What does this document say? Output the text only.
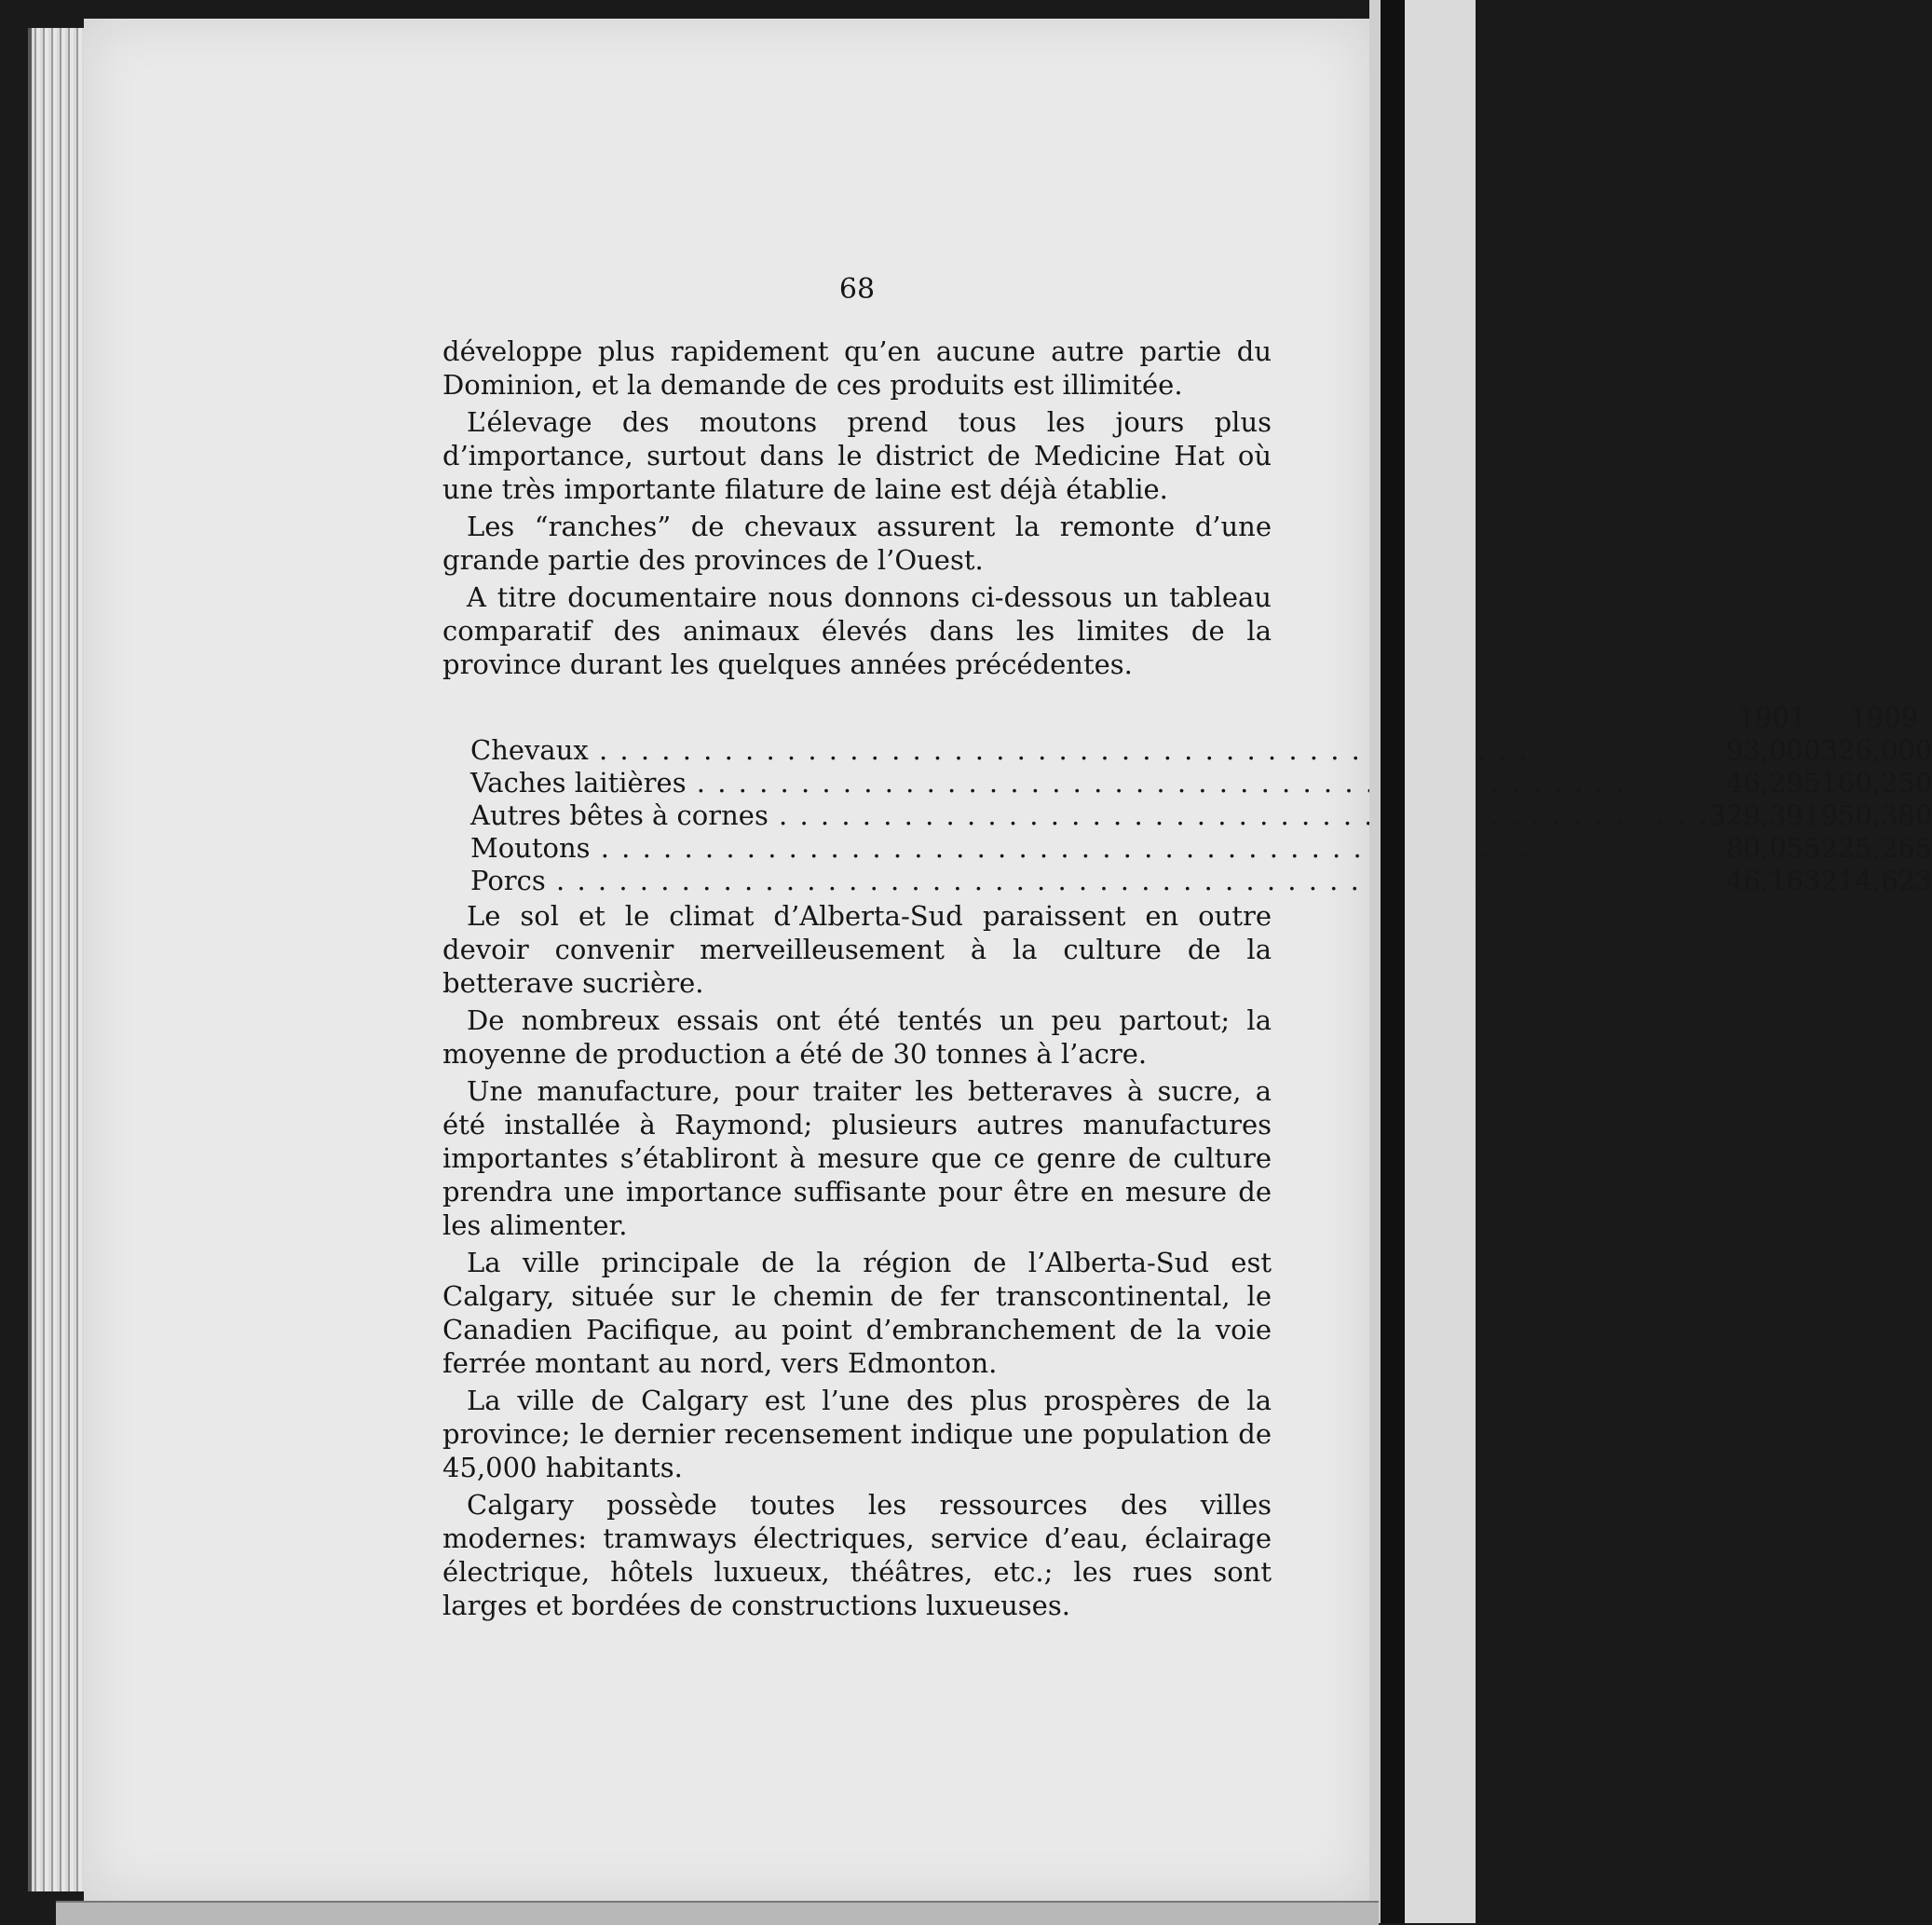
68

développe plus rapidement qu’en aucune autre partie du Dominion, et la demande de ces produits est illimitée.

L’élevage des moutons prend tous les jours plus d’importance, surtout dans le district de Medicine Hat où une très importante filature de laine est déjà établie.

Les “ranches” de chevaux assurent la remonte d’une grande partie des provinces de l’Ouest.

A titre documentaire nous donnons ci-dessous un tableau comparatif des animaux élevés dans les limites de la province durant les quelques années précédentes.

	1901	1909
Chevaux . . .	93,000	326,000
Vaches laitières . . .	46,295	160,250
Autres bêtes à cornes . . .	329,391	950,380
Moutons . . .	80,055	225,265
Porcs . . .	46,163	214,623

Le sol et le climat d’Alberta-Sud paraissent en outre devoir convenir merveilleusement à la culture de la betterave sucrière.

De nombreux essais ont été tentés un peu partout; la moyenne de production a été de 30 tonnes à l’acre.

Une manufacture, pour traiter les betteraves à sucre, a été installée à Raymond; plusieurs autres manufactures importantes s’établiront à mesure que ce genre de culture prendra une importance suffisante pour être en mesure de les alimenter.

La ville principale de la région de l’Alberta-Sud est Calgary, située sur le chemin de fer transcontinental, le Canadien Pacifique, au point d’embranchement de la voie ferrée montant au nord, vers Edmonton.

La ville de Calgary est l’une des plus prospères de la province; le dernier recensement indique une population de 45,000 habitants.

Calgary possède toutes les ressources des villes modernes: tramways électriques, service d’eau, éclairage électrique, hôtels luxueux, théâtres, etc.; les rues sont larges et bordées de constructions luxueuses.
